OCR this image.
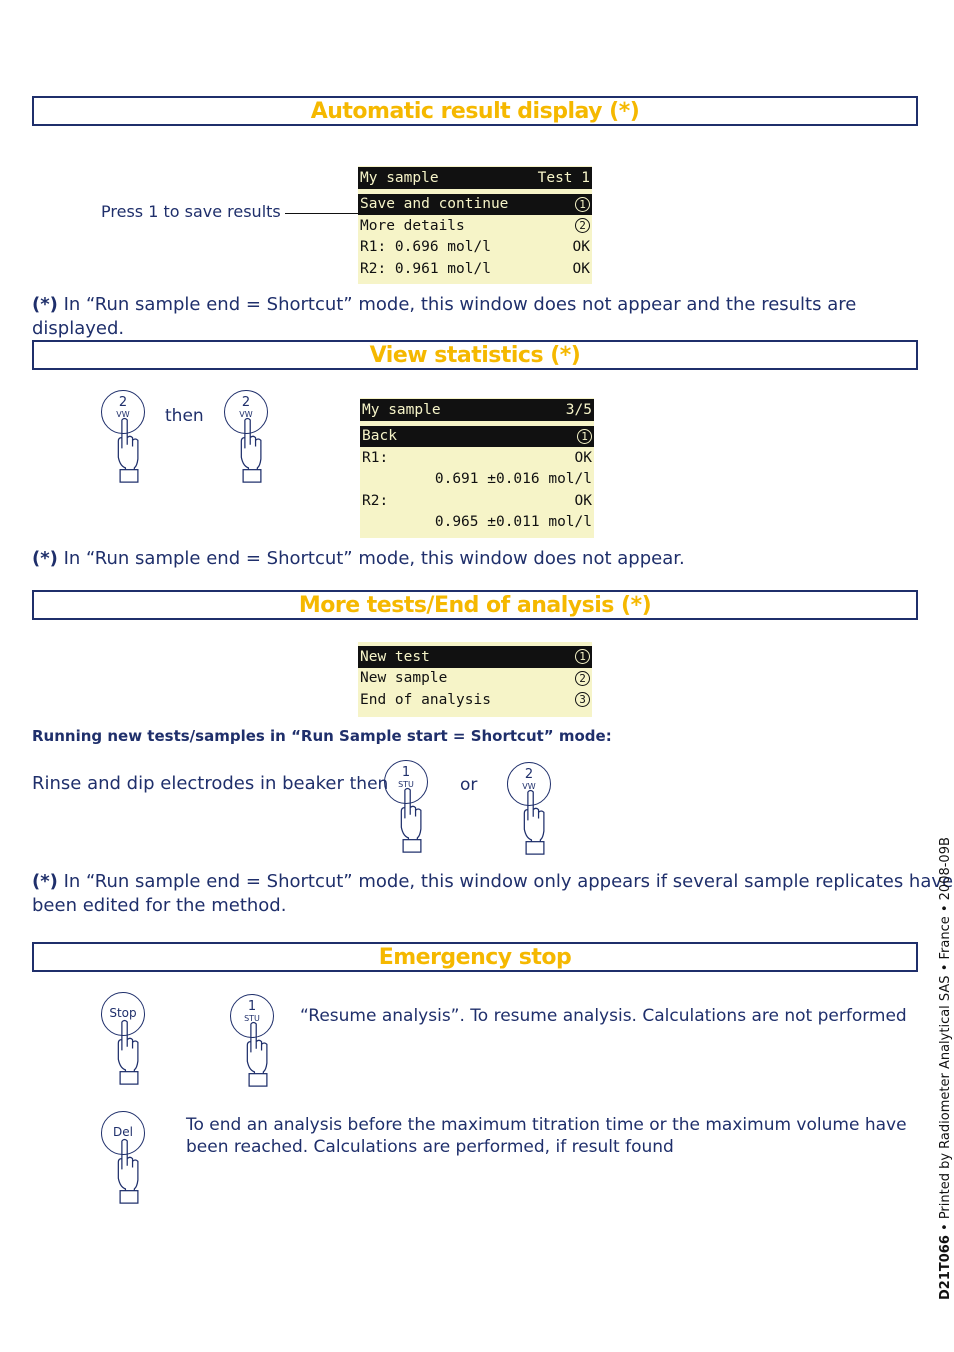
Automatic result display (*)
Press 1 to save results
My sample	Test 1
Save and continue	1
More details	2
R1: 0.696 mol/l	OK
R2: 0.961 mol/l	OK
(*) In “Run sample end = Shortcut” mode, this window does not appear and the results are displayed.
View statistics (*)
2
VW	then
2
VW	My sample	3/5
Back	1
R1:	OK
0.691 ±0.016 mol/l
R2:	OK
0.965 ±0.011 mol/l
(*) In “Run sample end = Shortcut” mode, this window does not appear.
More tests/End of analysis (*)
New test	1
New sample	2
End of analysis	3
Running new tests/samples in “Run Sample start = Shortcut” mode:
Rinse and dip electrodes in beaker then
1
STU	or
2
VW
(*) In “Run sample end = Shortcut” mode, this window only appears if several sample replicates have
been edited for the method.
Emergency stop
Stop	1
STU	“Resume analysis”. To resume analysis. Calculations are not performed
Del	To end an analysis before the maximum titration time or the maximum volume have
been reached. Calculations are performed, if result found
D21T066 • Printed by Radiometer Analytical SAS • France • 2008-09B
